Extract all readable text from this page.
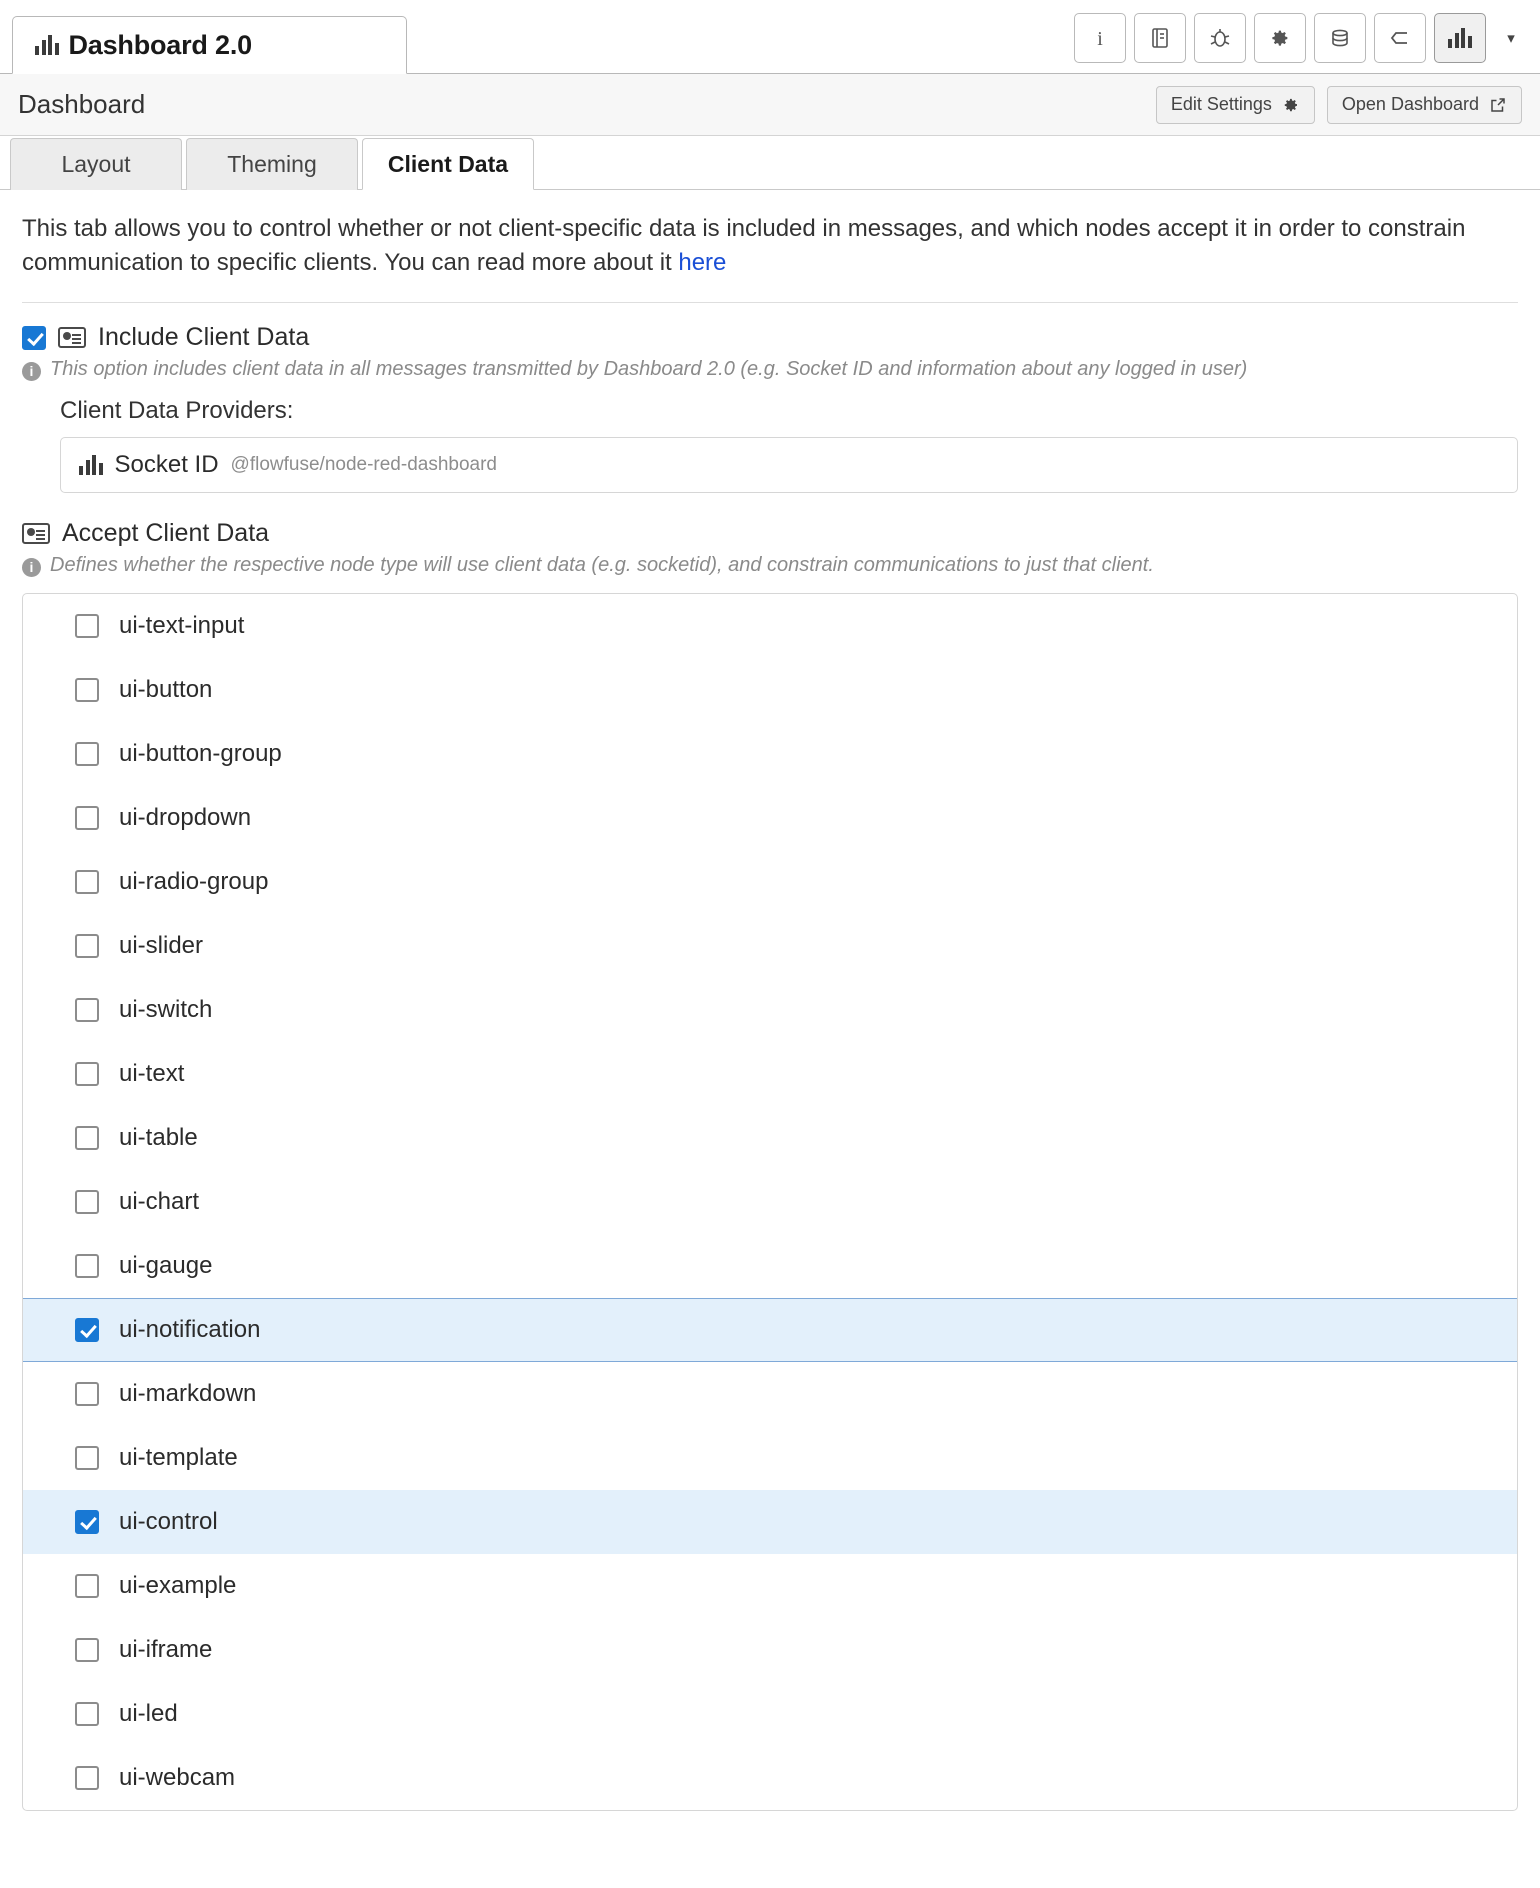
Dashboard 2.0	i	▾
Dashboard	Edit Settings	Open Dashboard
Layout	Theming	Client Data

This tab allows you to control whether or not client-specific data is included in messages, and which nodes accept it in order to constrain communication to specific clients. You can read more about it here

Include Client Data
i This option includes client data in all messages transmitted by Dashboard 2.0 (e.g. Socket ID and information about any logged in user)
Client Data Providers:
Socket ID @flowfuse/node-red-dashboard
Accept Client Data
i Defines whether the respective node type will use client data (e.g. socketid), and constrain communications to just that client.
ui-text-input
ui-button
ui-button-group
ui-dropdown
ui-radio-group
ui-slider
ui-switch
ui-text
ui-table
ui-chart
ui-gauge
ui-notification
ui-markdown
ui-template
ui-control
ui-example
ui-iframe
ui-led
ui-webcam
